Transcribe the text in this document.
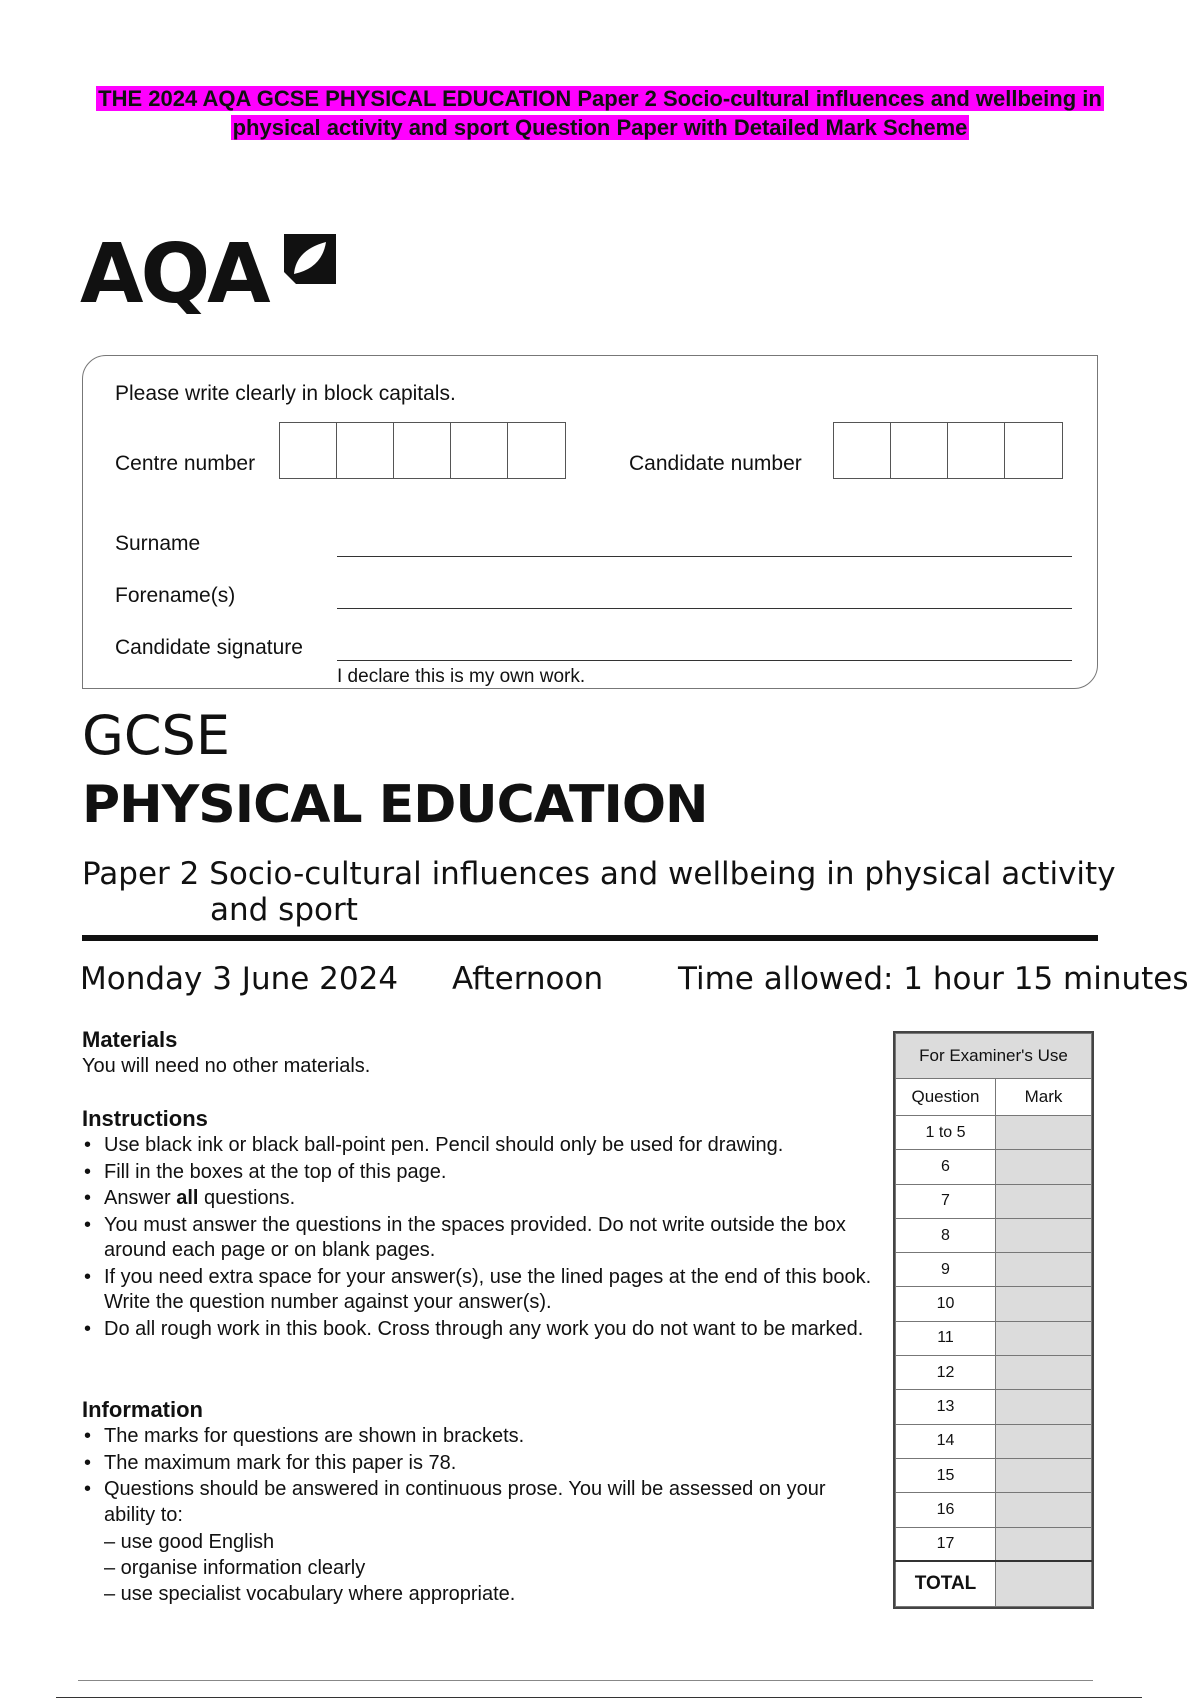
THE 2024 AQA GCSE PHYSICAL EDUCATION Paper 2 Socio-cultural influences and wellbeing in
physical activity and sport Question Paper with Detailed Mark Scheme
AQA
Please write clearly in block capitals.
Centre number	Candidate number
Surname
Forename(s)
Candidate signature
I declare this is my own work.
GCSE
PHYSICAL EDUCATION
Paper 2 Socio-cultural influences and wellbeing in physical activity
and sport
Monday 3 June 2024 Afternoon Time allowed: 1 hour 15 minutes
Materials
You will need no other materials.
Instructions
• Use black ink or black ball-point pen. Pencil should only be used for drawing.
• Fill in the boxes at the top of this page.
• Answer all questions.
• You must answer the questions in the spaces provided. Do not write outside the box around each page or on blank pages.
• If you need extra space for your answer(s), use the lined pages at the end of this book. Write the question number against your answer(s).
• Do all rough work in this book. Cross through any work you do not want to be marked.
Information
• The marks for questions are shown in brackets.
• The maximum mark for this paper is 78.
• Questions should be answered in continuous prose. You will be assessed on your ability to:
– use good English
– organise information clearly
– use specialist vocabulary where appropriate.
For Examiner's Use	
Question	Mark
1 to 5	
6	
7	
8	
9	
10	
11	
12	
13	
14	
15	
16	
17	
TOTAL	
